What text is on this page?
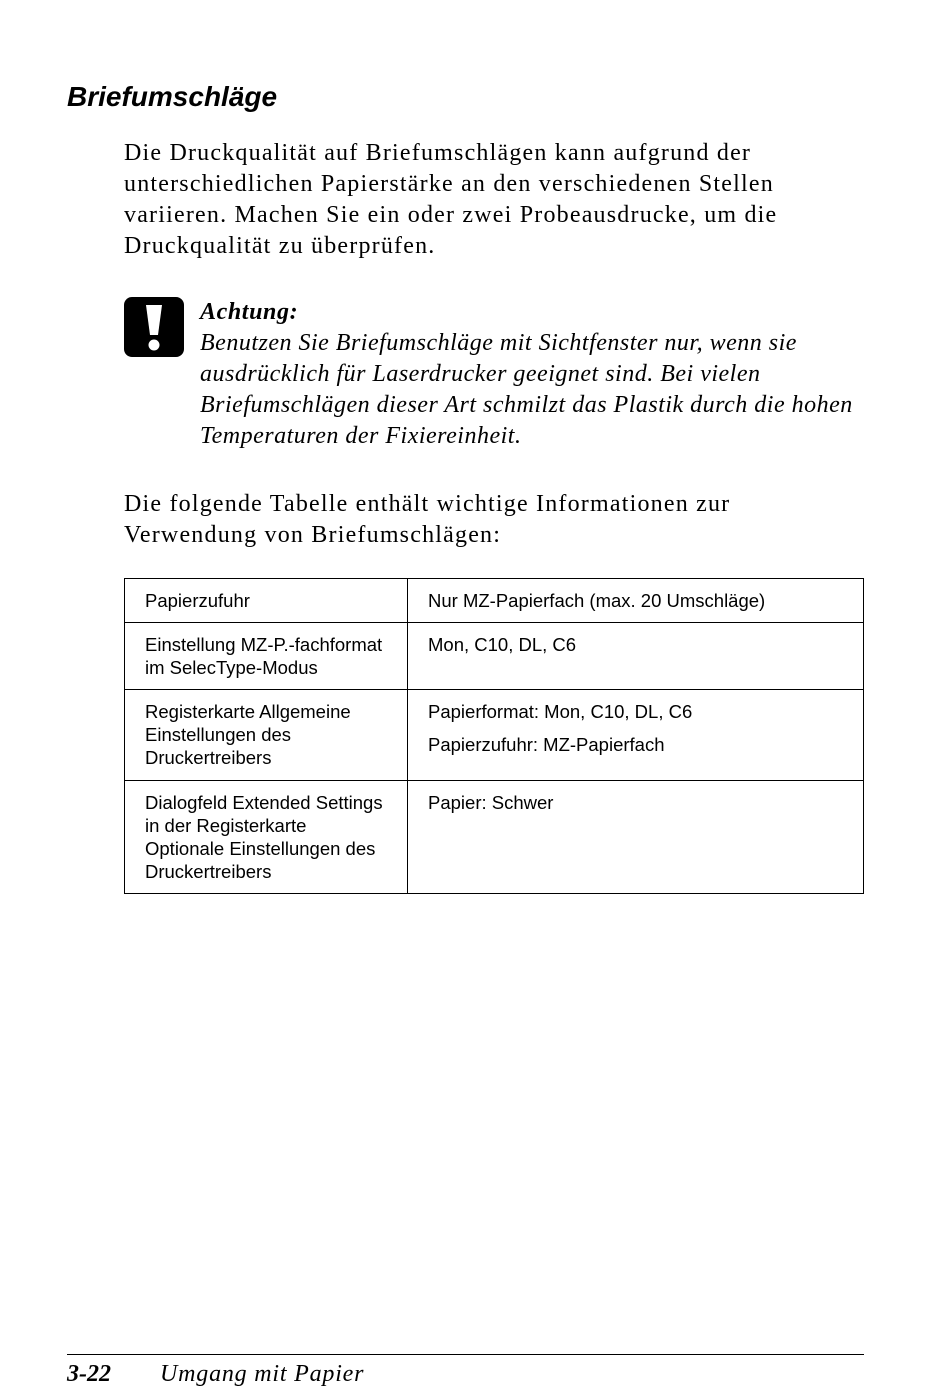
Briefumschläge

Die Druckqualität auf Briefumschlägen kann aufgrund der unterschiedlichen Papierstärke an den verschiedenen Stellen variieren. Machen Sie ein oder zwei Probeausdrucke, um die Druckqualität zu überprüfen.

Achtung:

Benutzen Sie Briefumschläge mit Sichtfenster nur, wenn sie ausdrücklich für Laserdrucker geeignet sind. Bei vielen Briefumschlägen dieser Art schmilzt das Plastik durch die hohen Temperaturen der Fixiereinheit.

Die folgende Tabelle enthält wichtige Informationen zur Verwendung von Briefumschlägen:

Papierzufuhr	Nur MZ-Papierfach (max. 20 Umschläge)

Einstellung MZ-P.-fachformat im SelecType-Modus	Mon, C10, DL, C6

Registerkarte Allgemeine Einstellungen des Druckertreibers	Papierformat: Mon, C10, DL, C6
Papierzufuhr: MZ-Papierfach

Dialogfeld Extended Settings in der Registerkarte Optionale Einstellungen des Druckertreibers	Papier: Schwer
3-22 Umgang mit Papier
